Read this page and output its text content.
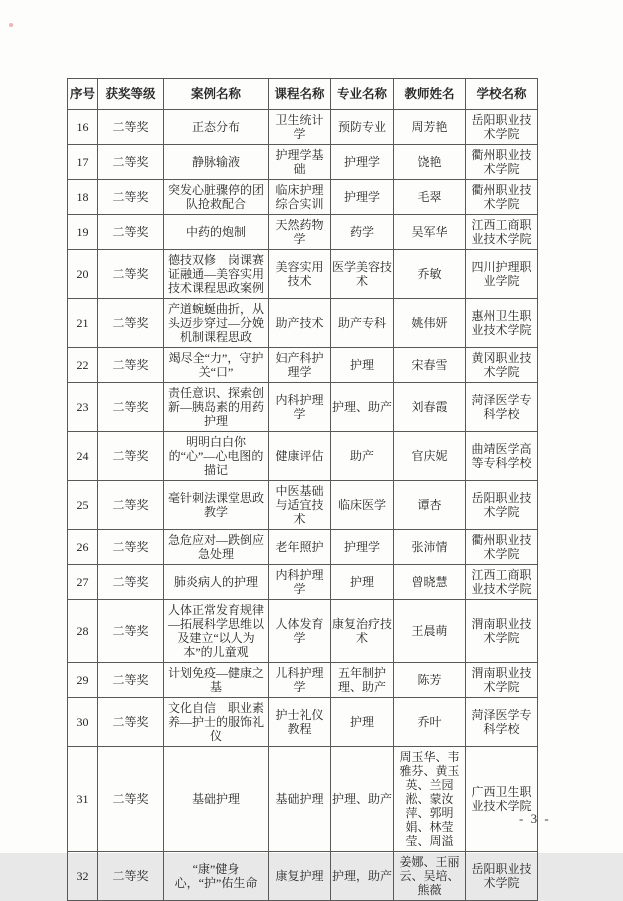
序号	获奖等级	案例名称	课程名称	专业名称	教师姓名	学校名称
16	二等奖	正态分布	卫生统计学	预防专业	周芳艳	岳阳职业技术学院
17	二等奖	静脉输液	护理学基础	护理学	饶艳	衢州职业技术学院
18	二等奖	突发心脏骤停的团队抢救配合	临床护理综合实训	护理学	毛翠	衢州职业技术学院
19	二等奖	中药的炮制	天然药物学	药学	吴军华	江西工商职业技术学院
20	二等奖	德技双修　岗课赛证融通—美容实用技术课程思政案例	美容实用技术	医学美容技术	乔敏	四川护理职业学院
21	二等奖	产道蜿蜒曲折，从头迈步穿过—分娩机制课程思政	助产技术	助产专科	姚伟妍	惠州卫生职业技术学院
22	二等奖	竭尽全“力”，守护关“口”	妇产科护理学	护理	宋春雪	黄冈职业技术学院
23	二等奖	责任意识、探索创新—胰岛素的用药护理	内科护理学	护理、助产	刘春霞	菏泽医学专科学校
24	二等奖	明明白白你的“心”—心电图的描记	健康评估	助产	官庆妮	曲靖医学高等专科学校
25	二等奖	毫针刺法课堂思政教学	中医基础与适宜技术	临床医学	谭杏	岳阳职业技术学院
26	二等奖	急危应对—跌倒应急处理	老年照护	护理学	张沛情	衢州职业技术学院
27	二等奖	肺炎病人的护理	内科护理学	护理	曾晓慧	江西工商职业技术学院
28	二等奖	人体正常发育规律—拓展科学思维以及建立“以人为本”的儿童观	人体发育学	康复治疗技术	王晨萌	渭南职业技术学院
29	二等奖	计划免疫—健康之基	儿科护理学	五年制护理、助产	陈芳	渭南职业技术学院
30	二等奖	文化自信　职业素养—护士的服饰礼仪	护士礼仪教程	护理	乔叶	菏泽医学专科学校
31	二等奖	基础护理	基础护理	护理、助产	周玉华、韦雅芬、黄玉英、兰园淞、蒙汝萍、郭明娟、林莹莹、周溢	广西卫生职业技术学院
32	二等奖	“康”健身心，“护”佑生命	康复护理	护理，助产	姜娜、王丽云、吴培、熊薇	岳阳职业技术学院
- 3 -
